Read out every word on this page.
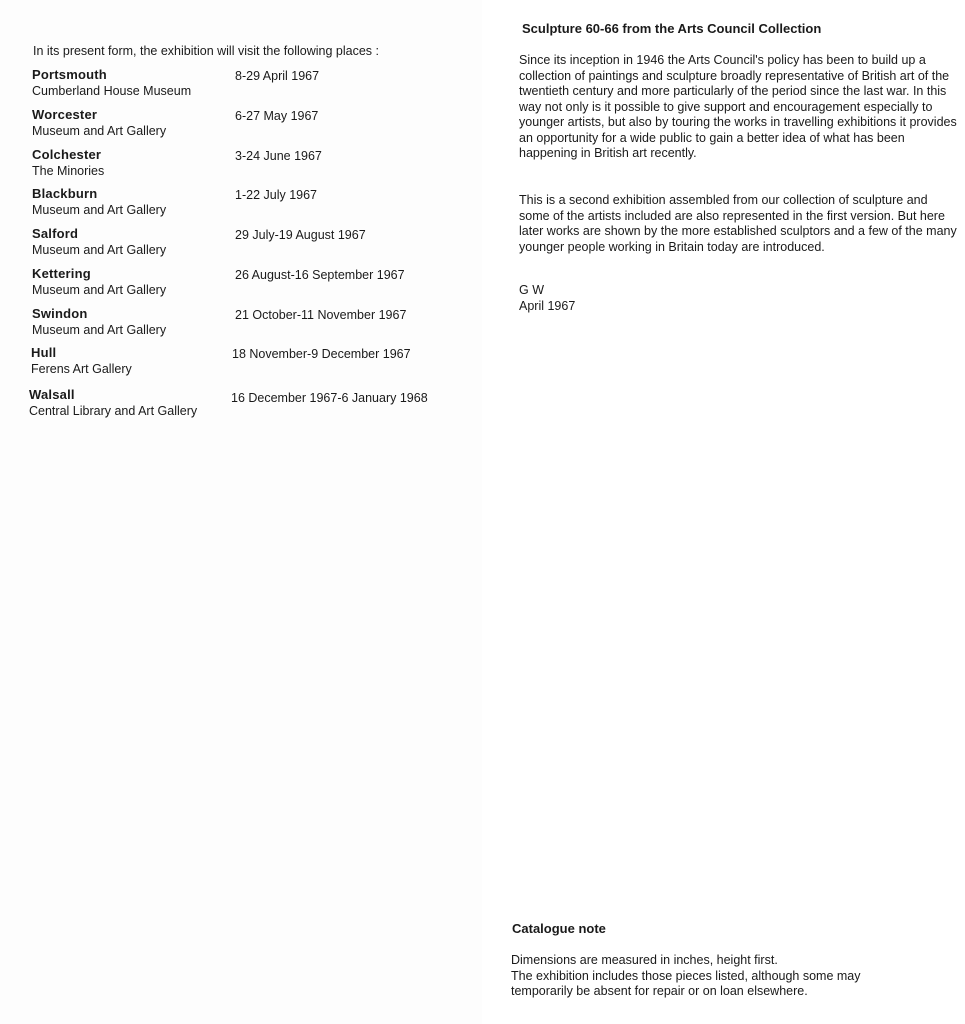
In its present form, the exhibition will visit the following places :
Portsmouth
Cumberland House Museum
8-29 April 1967
Worcester
Museum and Art Gallery
6-27 May 1967
Colchester
The Minories
3-24 June 1967
Blackburn
Museum and Art Gallery
1-22 July 1967
Salford
Museum and Art Gallery
29 July-19 August 1967
Kettering
Museum and Art Gallery
26 August-16 September 1967
Swindon
Museum and Art Gallery
21 October-11 November 1967
Hull
Ferens Art Gallery
18 November-9 December 1967
Walsall
Central Library and Art Gallery
16 December 1967-6 January 1968
Sculpture 60-66 from the Arts Council Collection

Since its inception in 1946 the Arts Council's policy has been to build up a collection of paintings and sculpture broadly representative of British art of the twentieth century and more particularly of the period since the last war. In this way not only is it possible to give support and encouragement especially to younger artists, but also by touring the works in travelling exhibitions it provides an opportunity for a wide public to gain a better idea of what has been happening in British art recently.

This is a second exhibition assembled from our collection of sculpture and some of the artists included are also represented in the first version. But here later works are shown by the more established sculptors and a few of the many younger people working in Britain today are introduced.

G W
April 1967
Catalogue note
Dimensions are measured in inches, height first.
The exhibition includes those pieces listed, although some may
temporarily be absent for repair or on loan elsewhere.
